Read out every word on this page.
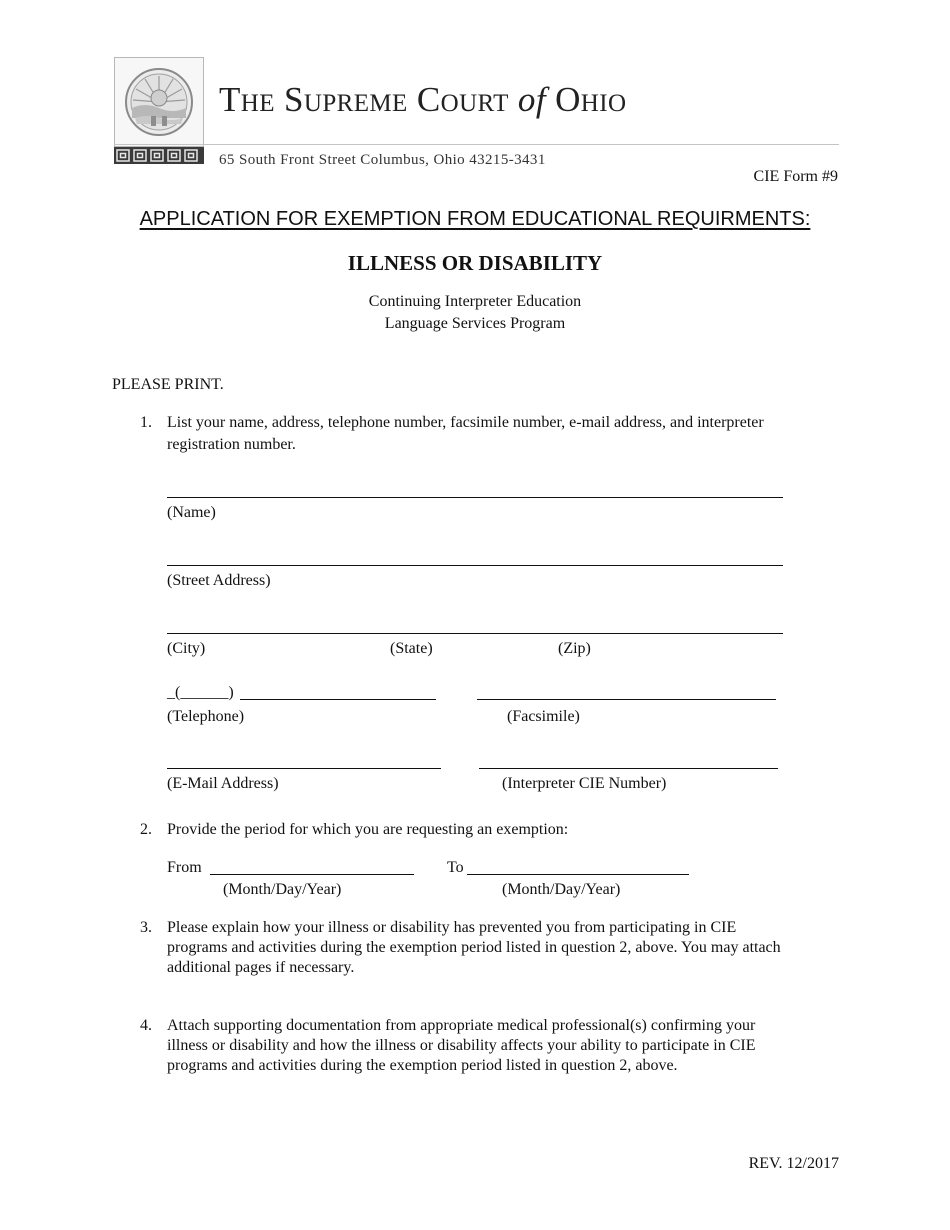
The Supreme Court of Ohio
65 South Front Street Columbus, Ohio 43215-3431
CIE Form #9
APPLICATION FOR EXEMPTION FROM EDUCATIONAL REQUIRMENTS:
ILLNESS OR DISABILITY
Continuing Interpreter Education
Language Services Program
PLEASE PRINT.
1. List your name, address, telephone number, facsimile number, e-mail address, and interpreter
registration number.
(Name)
(Street Address)
(City)	(State)	(Zip)
_(______)
(Telephone)	(Facsimile)
(E-Mail Address)	(Interpreter CIE Number)
2. Provide the period for which you are requesting an exemption:
From	To
(Month/Day/Year)	(Month/Day/Year)
3. Please explain how your illness or disability has prevented you from participating in CIE
programs and activities during the exemption period listed in question 2, above. You may attach
additional pages if necessary.
4. Attach supporting documentation from appropriate medical professional(s) confirming your
illness or disability and how the illness or disability affects your ability to participate in CIE
programs and activities during the exemption period listed in question 2, above.
REV. 12/2017
